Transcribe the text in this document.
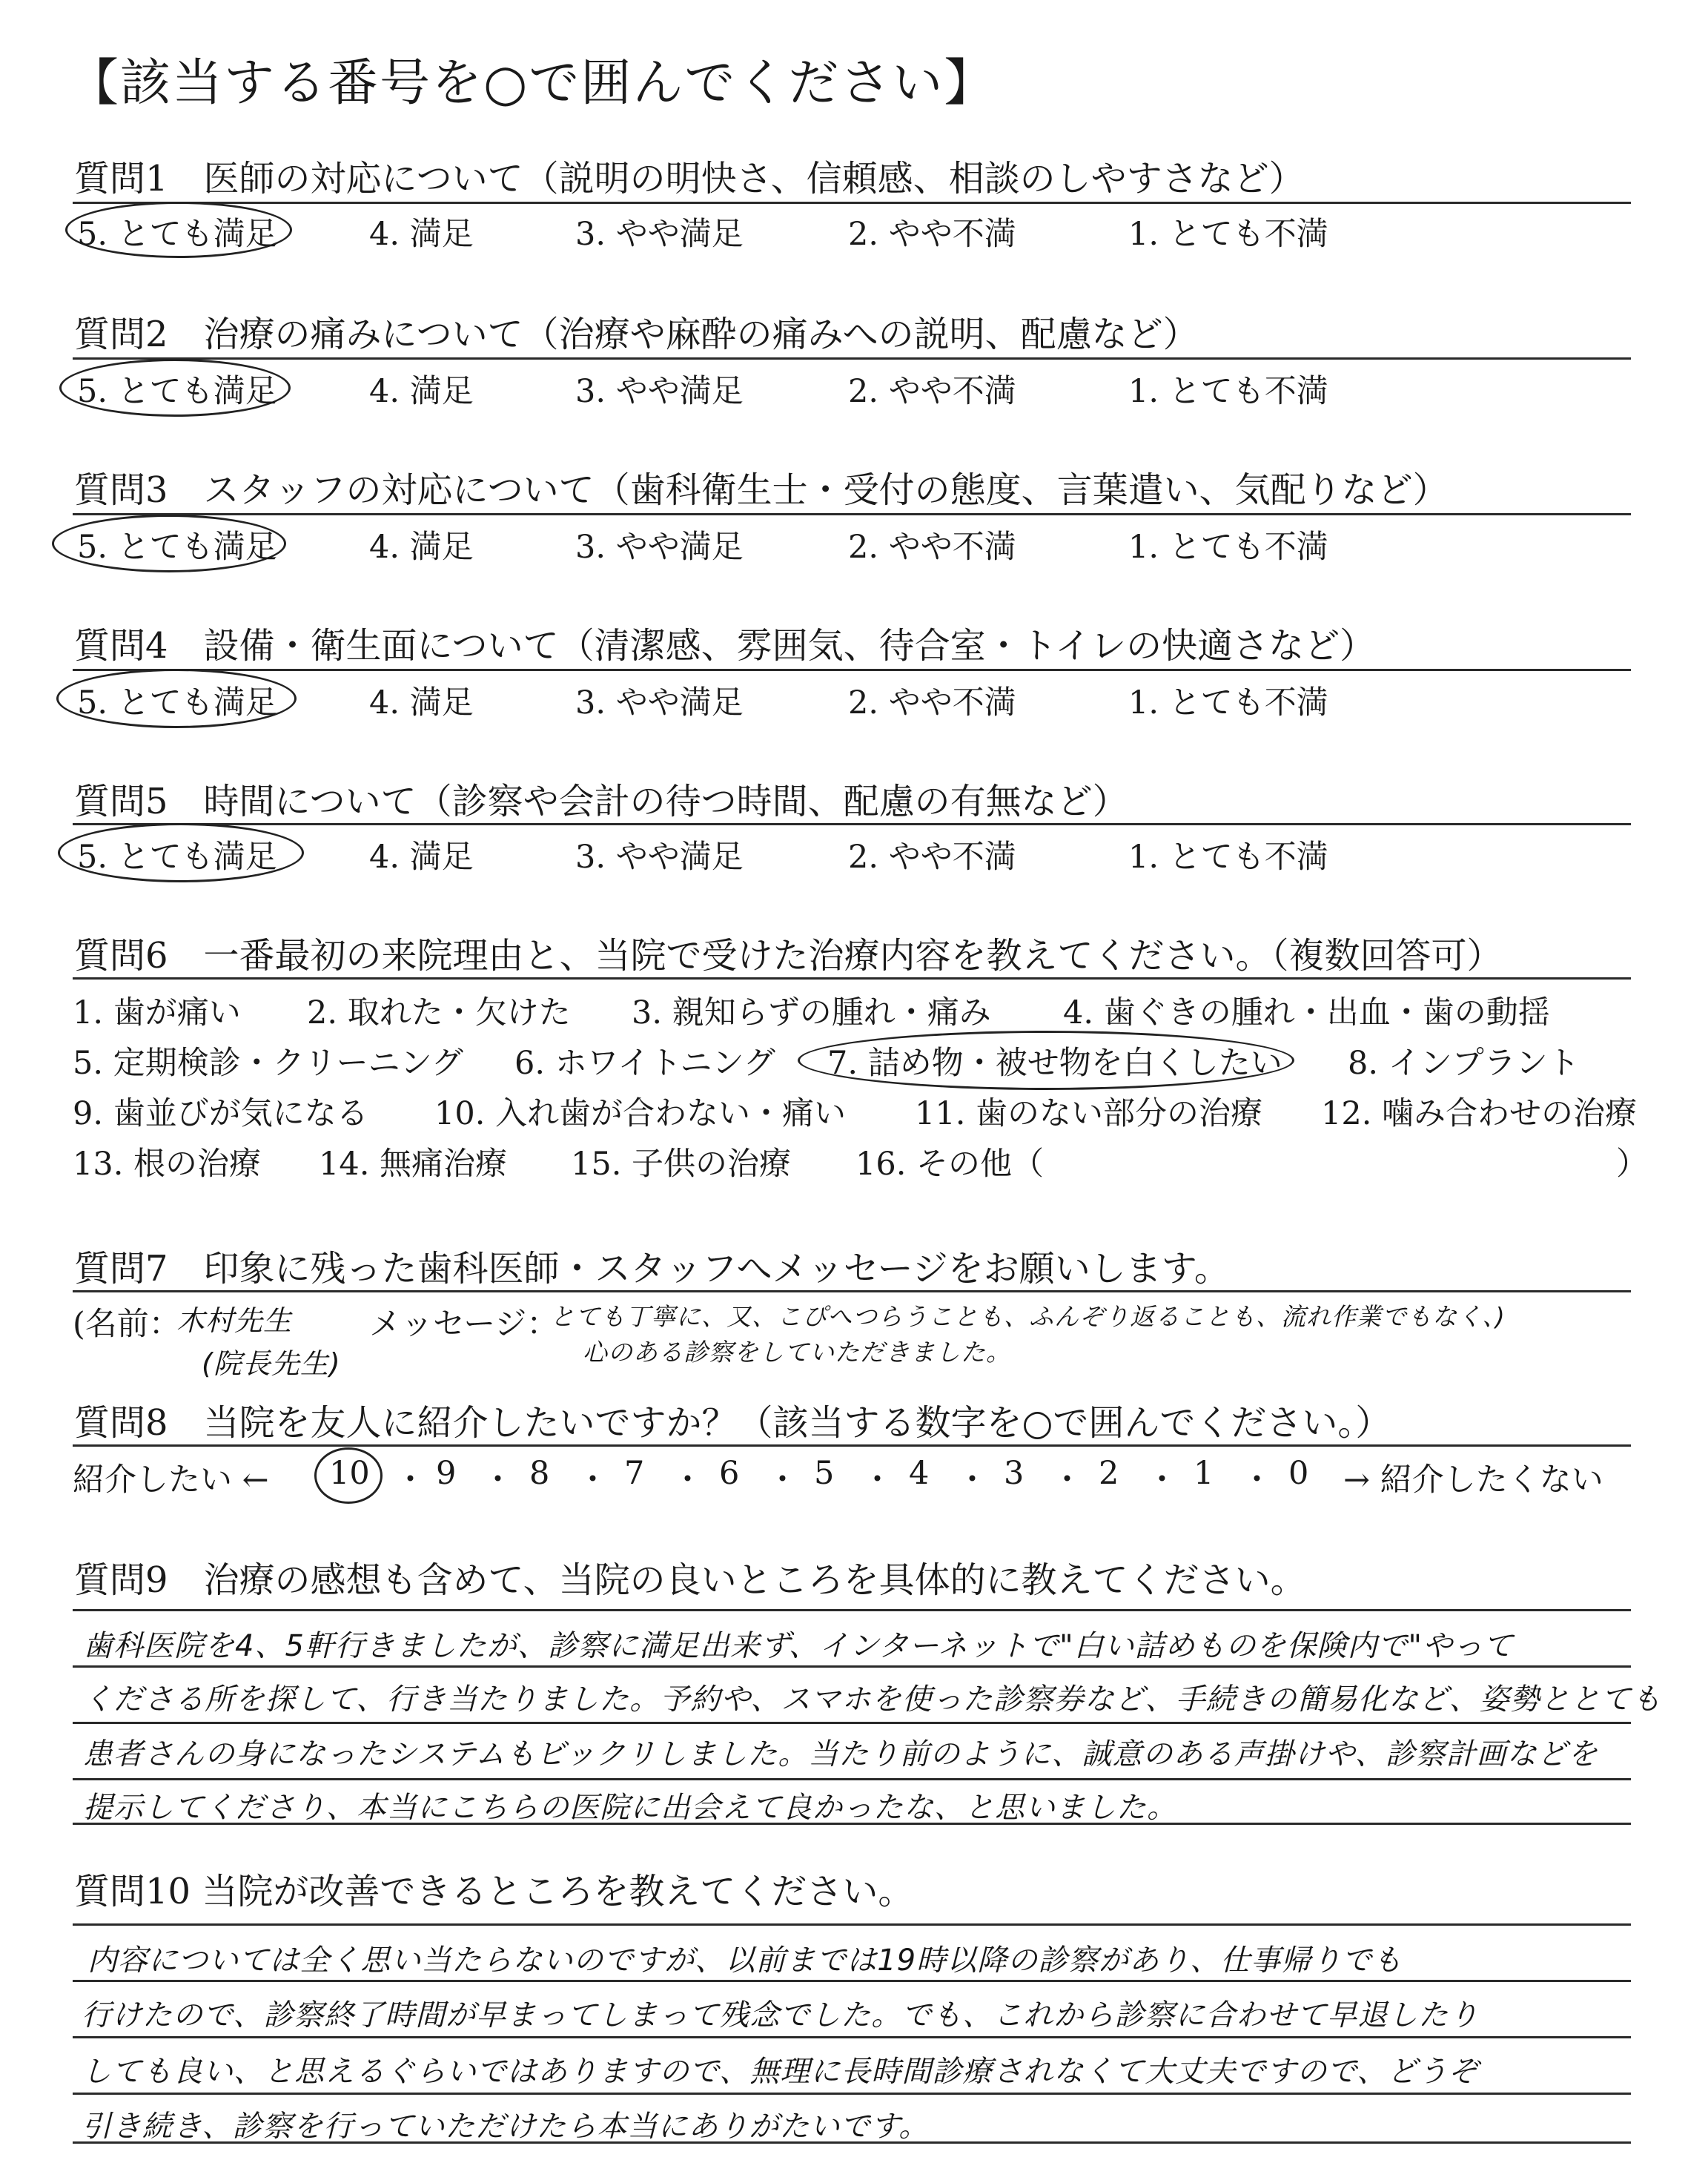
【該当する番号を○で囲んでください】
質問1　医師の対応について（説明の明快さ、信頼感、相談のしやすさなど）
5. とても満足	4. 満足	3. やや満足	2. やや不満	1. とても不満
質問2　治療の痛みについて（治療や麻酔の痛みへの説明、配慮など）
5. とても満足	4. 満足	3. やや満足	2. やや不満	1. とても不満
質問3　スタッフの対応について（歯科衛生士・受付の態度、言葉遣い、気配りなど）
5. とても満足	4. 満足	3. やや満足	2. やや不満	1. とても不満
質問4　設備・衛生面について（清潔感、雰囲気、待合室・トイレの快適さなど）
5. とても満足	4. 満足	3. やや満足	2. やや不満	1. とても不満
質問5　時間について（診察や会計の待つ時間、配慮の有無など）
5. とても満足	4. 満足	3. やや満足	2. やや不満	1. とても不満
質問6　一番最初の来院理由と、当院で受けた治療内容を教えてください。（複数回答可）
1. 歯が痛い 2. 取れた・欠けた 3. 親知らずの腫れ・痛み 4. 歯ぐきの腫れ・出血・歯の動揺
5. 定期検診・クリーニング 6. ホワイトニング 7. 詰め物・被せ物を白くしたい 8. インプラント
9. 歯並びが気になる 10. 入れ歯が合わない・痛い 11. 歯のない部分の治療 12. 噛み合わせの治療
13. 根の治療 14. 無痛治療 15. 子供の治療 16. その他（	）
質問7　印象に残った歯科医師・スタッフへメッセージをお願いします。
(名前：
木村先生
(院長先生)
メッセージ：
とても丁寧に、又、こぴへつらうことも、ふんぞり返ることも、流れ作業でもなく、)
心のある診察をしていただきました。
質問8　当院を友人に紹介したいですか？（該当する数字を○で囲んでください。）
紹介したい ← 10 ・ 9 ・ 8 ・ 7 ・ 6 ・ 5 ・ 4 ・ 3 ・ 2 ・ 1 ・ 0 → 紹介したくない
質問9　治療の感想も含めて、当院の良いところを具体的に教えてください。
歯科医院を4、5軒行きましたが、診察に満足出来ず、インターネットで"白い詰めものを保険内で"やって
くださる所を探して、行き当たりました。予約や、スマホを使った診察券など、手続きの簡易化など、姿勢ととても
患者さんの身になったシステムもビックリしました。当たり前のように、誠意のある声掛けや、診察計画などを
提示してくださり、本当にこちらの医院に出会えて良かったな、と思いました。
質問10 当院が改善できるところを教えてください。
内容については全く思い当たらないのですが、以前までは19時以降の診察があり、仕事帰りでも
行けたので、診察終了時間が早まってしまって残念でした。でも、これから診察に合わせて早退したり
しても良い、と思えるぐらいではありますので、無理に長時間診療されなくて大丈夫ですので、どうぞ
引き続き、診察を行っていただけたら本当にありがたいです。
